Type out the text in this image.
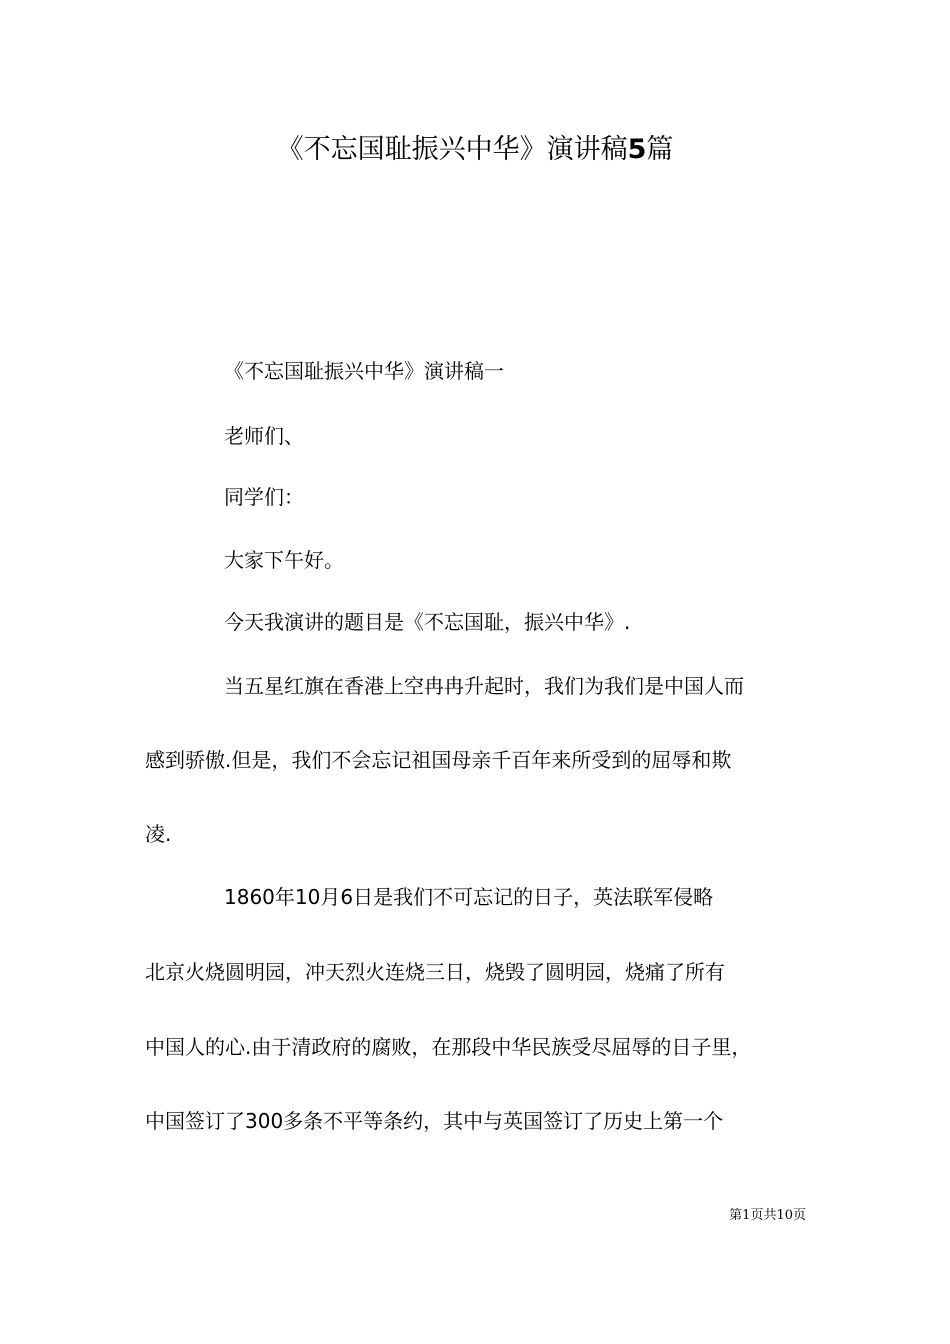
《不忘国耻振兴中华》演讲稿5篇

《不忘国耻振兴中华》演讲稿一

老师们、

同学们：

大家下午好。

今天我演讲的题目是《不忘国耻，振兴中华》.

当五星红旗在香港上空冉冉升起时，我们为我们是中国人而

感到骄傲.但是，我们不会忘记祖国母亲千百年来所受到的屈辱和欺

凌.

1860年10月6日是我们不可忘记的日子，英法联军侵略

北京火烧圆明园，冲天烈火连烧三日，烧毁了圆明园，烧痛了所有

中国人的心.由于清政府的腐败，在那段中华民族受尽屈辱的日子里，

中国签订了300多条不平等条约，其中与英国签订了历史上第一个

第1页共10页
